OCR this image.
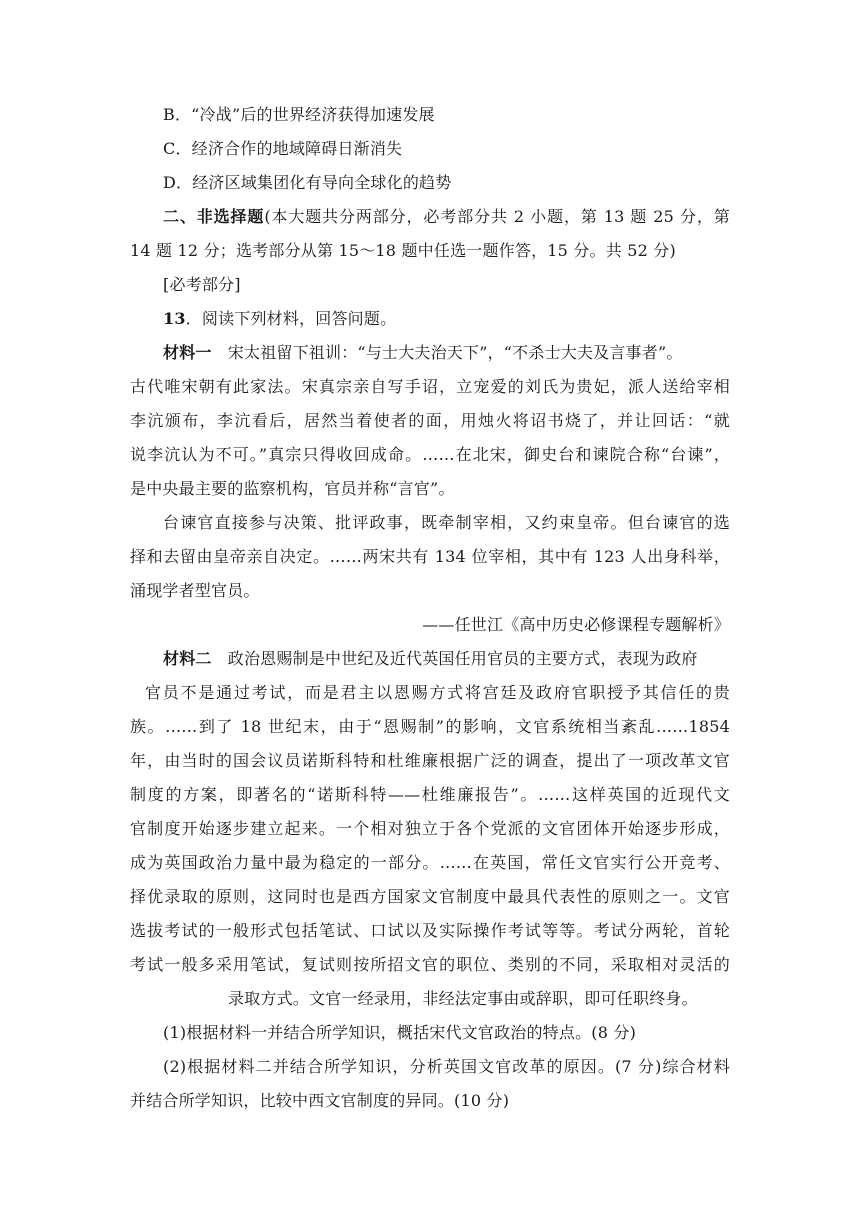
B．“冷战”后的世界经济获得加速发展
C．经济合作的地域障碍日渐消失
D．经济区域集团化有导向全球化的趋势
二、非选择题(本大题共分两部分，必考部分共 2 小题，第 13 题 25 分，第
14 题 12 分；选考部分从第 15～18 题中任选一题作答，15 分。共 52 分)
[必考部分]
13．阅读下列材料，回答问题。
材料一　宋太祖留下祖训：“与士大夫治天下”，“不杀士大夫及言事者”。
古代唯宋朝有此家法。宋真宗亲自写手诏，立宠爱的刘氏为贵妃，派人送给宰相
李沆颁布，李沆看后，居然当着使者的面，用烛火将诏书烧了，并让回话：“就
说李沆认为不可。”真宗只得收回成命。……在北宋，御史台和谏院合称“台谏”，
是中央最主要的监察机构，官员并称“言官”。
台谏官直接参与决策、批评政事，既牵制宰相，又约束皇帝。但台谏官的选
择和去留由皇帝亲自决定。……两宋共有 134 位宰相，其中有 123 人出身科举，
涌现学者型官员。
——任世江《高中历史必修课程专题解析》
材料二　政治恩赐制是中世纪及近代英国任用官员的主要方式，表现为政府
官员不是通过考试，而是君主以恩赐方式将宫廷及政府官职授予其信任的贵
族。……到了 18 世纪末，由于“恩赐制”的影响，文官系统相当紊乱……1854
年，由当时的国会议员诺斯科特和杜维廉根据广泛的调查，提出了一项改革文官
制度的方案，即著名的“诺斯科特——杜维廉报告”。……这样英国的近现代文
官制度开始逐步建立起来。一个相对独立于各个党派的文官团体开始逐步形成，
成为英国政治力量中最为稳定的一部分。……在英国，常任文官实行公开竞考、
择优录取的原则，这同时也是西方国家文官制度中最具代表性的原则之一。文官
选拔考试的一般形式包括笔试、口试以及实际操作考试等等。考试分两轮，首轮
考试一般多采用笔试，复试则按所招文官的职位、类别的不同，采取相对灵活的
录取方式。文官一经录用，非经法定事由或辞职，即可任职终身。
(1)根据材料一并结合所学知识，概括宋代文官政治的特点。(8 分)
(2)根据材料二并结合所学知识，分析英国文官改革的原因。(7 分)综合材料
并结合所学知识，比较中西文官制度的异同。(10 分)
